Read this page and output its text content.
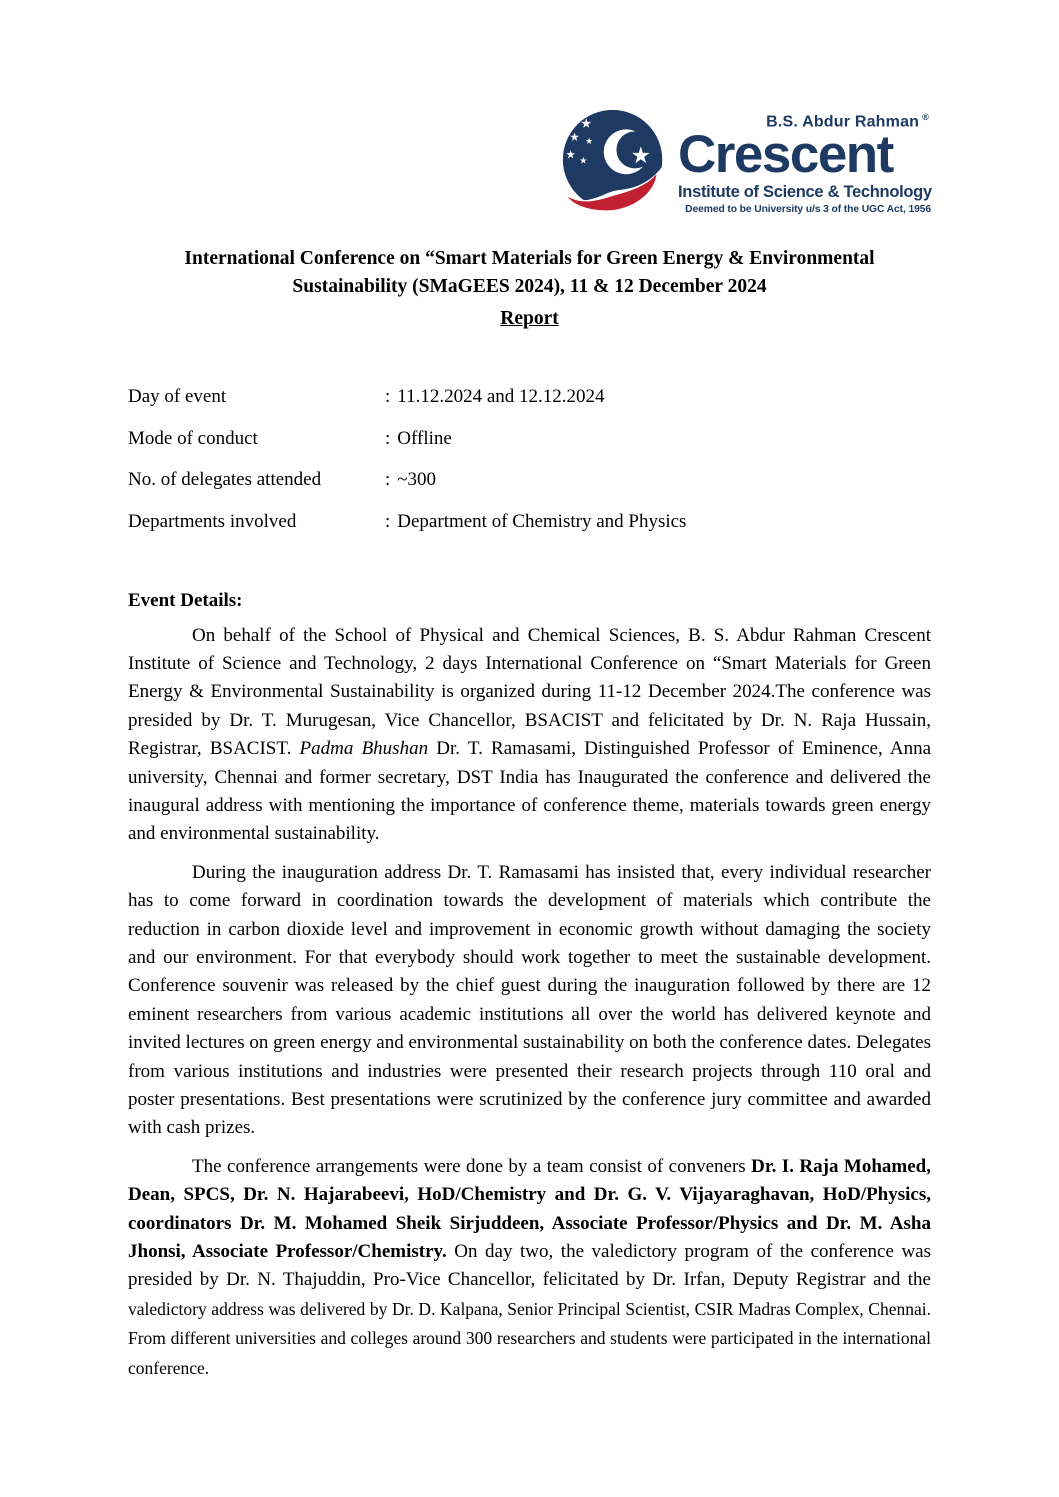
B.S. Abdur Rahman ®
Crescent
Institute of Science & Technology
Deemed to be University u/s 3 of the UGC Act, 1956
International Conference on “Smart Materials for Green Energy & Environmental Sustainability (SMaGEES 2024), 11 & 12 December 2024
Report
Day of event	: 11.12.2024 and 12.12.2024
Mode of conduct	: Offline
No. of delegates attended	: ~300
Departments involved	: Department of Chemistry and Physics
Event Details:

On behalf of the School of Physical and Chemical Sciences, B. S. Abdur Rahman Crescent Institute of Science and Technology, 2 days International Conference on “Smart Materials for Green Energy & Environmental Sustainability is organized during 11-12 December 2024.The conference was presided by Dr. T. Murugesan, Vice Chancellor, BSACIST and felicitated by Dr. N. Raja Hussain, Registrar, BSACIST. Padma Bhushan Dr. T. Ramasami, Distinguished Professor of Eminence, Anna university, Chennai and former secretary, DST India has Inaugurated the conference and delivered the inaugural address with mentioning the importance of conference theme, materials towards green energy and environmental sustainability.

During the inauguration address Dr. T. Ramasami has insisted that, every individual researcher has to come forward in coordination towards the development of materials which contribute the reduction in carbon dioxide level and improvement in economic growth without damaging the society and our environment. For that everybody should work together to meet the sustainable development. Conference souvenir was released by the chief guest during the inauguration followed by there are 12 eminent researchers from various academic institutions all over the world has delivered keynote and invited lectures on green energy and environmental sustainability on both the conference dates. Delegates from various institutions and industries were presented their research projects through 110 oral and poster presentations. Best presentations were scrutinized by the conference jury committee and awarded with cash prizes.

The conference arrangements were done by a team consist of conveners Dr. I. Raja Mohamed, Dean, SPCS, Dr. N. Hajarabeevi, HoD/Chemistry and Dr. G. V. Vijayaraghavan, HoD/Physics, coordinators Dr. M. Mohamed Sheik Sirjuddeen, Associate Professor/Physics and Dr. M. Asha Jhonsi, Associate Professor/Chemistry. On day two, the valedictory program of the conference was presided by Dr. N. Thajuddin, Pro-Vice Chancellor, felicitated by Dr. Irfan, Deputy Registrar and the valedictory address was delivered by Dr. D. Kalpana, Senior Principal Scientist, CSIR Madras Complex, Chennai. From different universities and colleges around 300 researchers and students were participated in the international conference.
